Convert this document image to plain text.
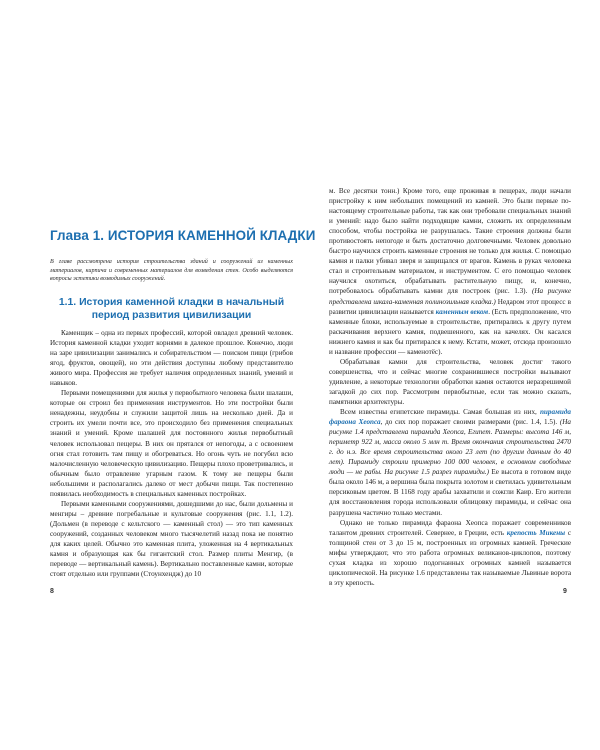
Глава 1. ИСТОРИЯ КАМЕННОЙ КЛАДКИ
В главе рассмотрена история строительства зданий и сооружений из каменных материалов, кирпича и современных материалов для возведения стен. Особо выделяются вопросы эстетики возводимых сооружений.
1.1. История каменной кладки в начальный период развития цивилизации

Каменщик – одна из первых профессий, которой овладел древний человек. История каменной кладки уходит корнями в далекое прошлое. Конечно, люди на заре цивилизации занимались и собирательством — поиском пищи (грибов ягод, фруктов, овощей), но эти действия доступны любому представителю живого мира. Профессия же требует наличия определенных знаний, умений и навыков.

Первыми помещениями для жилья у первобытного человека были шалаши, которые он строил без применения инструментов. Но эти постройки были ненадежны, неудобны и служили защитой лишь на несколько дней. Да и строить их умели почти все, это происходило без применения специальных знаний и умений. Кроме шалашей для постоянного жилья первобытный человек использовал пещеры. В них он прятался от непогоды, а с освоением огня стал готовить там пищу и обогреваться. Но огонь чуть не погубил всю малочисленную человеческую цивилизацию. Пещеры плохо проветривались, и обычным было отравление угарным газом. К тому же пещеры были небольшими и располагались далеко от мест добычи пищи. Так постепенно появилась необходимость в специальных каменных постройках.

Первыми каменными сооружениями, дошедшими до нас, были дольмены и менгиры – древние погребальные и культовые сооружения (рис. 1.1, 1.2). (Дольмен (в переводе с кельтского — каменный стол) — это тип каменных сооружений, созданных человеком много тысячелетий назад пока не понятно для каких целей. Обычно это каменная плита, уложенная на 4 вертикальных камня и образующая как бы гигантский стол. Размер плиты Менгир, (в переводе — вертикальный камень). Вертикально поставленные камни, которые стоят отдельно или группами (Стоунхендж) до 10

8

м. Все десятки тонн.) Кроме того, еще проживая в пещерах, люди начали пристройку к ним небольших помещений из камней. Это были первые по-настоящему строительные работы, так как они требовали специальных знаний и умений: надо было найти подходящие камни, сложить их определенным способом, чтобы постройка не разрушалась. Такие строения должны были противостоять непогоде и быть достаточно долговечными. Человек довольно быстро научился строить каменные строения не только для жилья. С помощью камня и палки убивал зверя и защищался от врагов. Камень в руках человека стал и строительным материалом, и инструментом. С его помощью человек научился охотиться, обрабатывать растительную пищу, и, конечно, потребовалось обрабатывать камни для построек (рис. 1.3). (На рисунке представлена шкала-каменная полинозильная кладка.) Недаром этот процесс в развитии цивилизации называется каменным веком. (Есть предположение, что каменные блоки, используемые в строительстве, притирались к другу путем раскачивания верхнего камня, подвешенного, как на качелях. Он касался нижнего камня и как бы притирался к нему. Кстати, может, отсюда произошло и название профессии — каменотёс).

Обрабатывая камни для строительства, человек достиг такого совершенства, что и сейчас многие сохранившиеся постройки вызывают удивление, а некоторые технологии обработки камня остаются неразрешимой загадкой до сих пор. Рассмотрим первобытные, если так можно сказать, памятники архитектуры.

Всем известны египетские пирамиды. Самая большая из них, пирамида фараона Хеопса, до сих пор поражает своими размерами (рис. 1.4, 1.5). (На рисунке 1.4 представлена пирамида Хеопса, Египет. Размеры: высота 146 м, периметр 922 м, масса около 5 млн т. Время окончания строительства 2470 г. до н.э. Все время строительства около 23 лет (по другим данным до 40 лет). Пирамиду строили примерно 100 000 человек, в основном свободные люди — не рабы. На рисунке 1.5 разрез пирамиды.) Ее высота в готовом виде была около 146 м, а вершина была покрыта золотом и светилась удивительным персиковым цветом. В 1168 году арабы захватили и сожгли Каир. Его жители для восстановления города использовали облицовку пирамиды, и сейчас она разрушена частично только местами.

Однако не только пирамида фараона Хеопса поражает современников талантом древних строителей. Севернее, в Греции, есть крепость Микены с толщиной стен от 3 до 15 м, построенных из огромных камней. Греческие мифы утверждают, что это работа огромных великанов-циклопов, поэтому сухая кладка из хорошо подогнанных огромных камней называется циклопической. На рисунке 1.6 представлены так называемые Львиные ворота в эту крепость.

9
